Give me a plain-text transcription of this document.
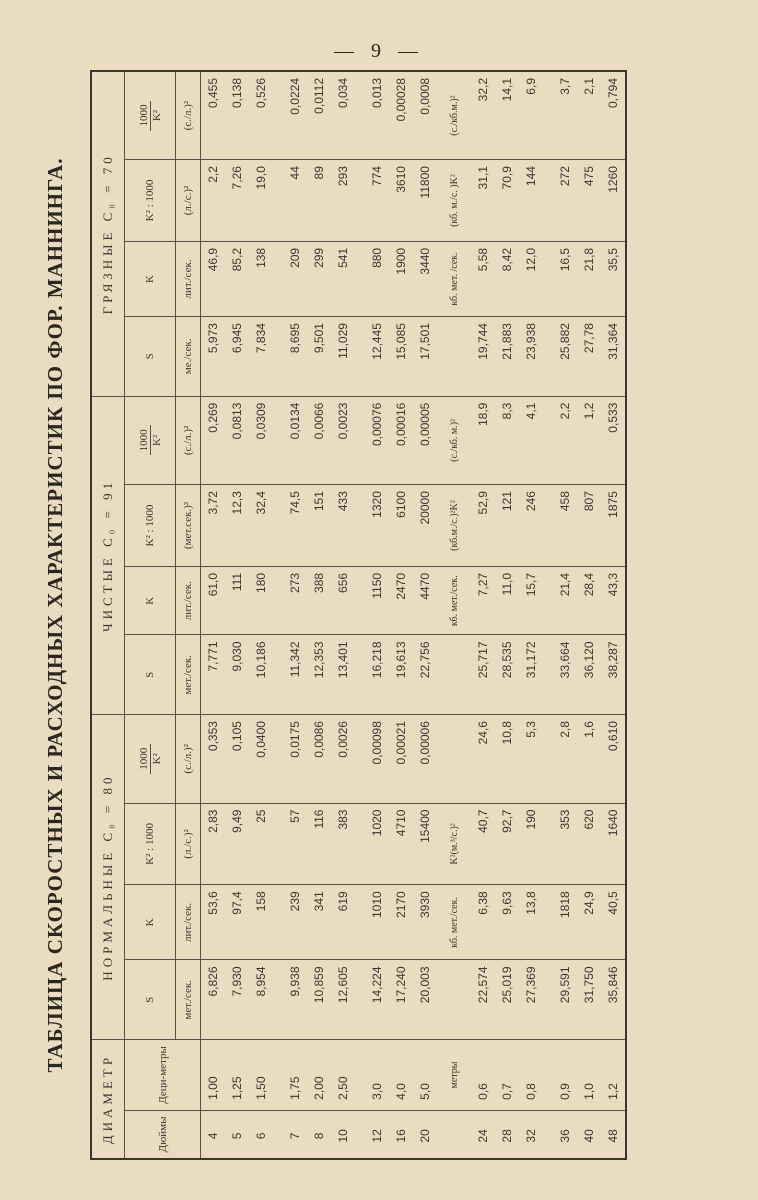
— 9 —
ТАБЛИЦА СКОРОСТНЫХ И РАСХОДНЫХ ХАРАКТЕРИСТИК ПО ФОР. МАННИНГА.
ДИАМЕТР		НОРМАЛЬНЫЕ C₀ = 80				ЧИСТЫЕ C₀ = 91				ГРЯЗНЫЕ C₀ = 70			
Дюймы	Деци-метры	S	K	K² : 1000	1000 K²	S	K	K² : 1000	1000 K²	S	K	K² : 1000	1000 K²

		мет./сек.	лит./сек.	(л./с.)²	(с./л.)²	мет./сек.	лит./сек.	(мет.сек.)²	(с./л.)²	ме./сек.	лит./сек.	(л./с.)²	(с./л.)²
4	1,00	6,826	53,6	2,83	0,353	7,771	61,0	3,72	0,269	5,973	46,9	2,2	0,455
5	1,25	7,930	97,4	9,49	0,105	9,030	111	12,3	0,0813	6,945	85,2	7,26	0,138
6	1,50	8,954	158	25	0,0400	10,186	180	32,4	0,0309	7,834	138	19,0	0,526

7	1,75	9,938	239	57	0,0175	11,342	273	74,5	0,0134	8,695	209	44	0,0224
8	2,00	10,859	341	116	0,0086	12,353	388	151	0,0066	9,501	299	89	0,0112
10	2,50	12,605	619	383	0,0026	13,401	656	433	0,0023	11,029	541	293	0,034

12	3,0	14,224	1010	1020	0,00098	16,218	1150	1320	0,00076	12,445	880	774	0,013
16	4,0	17,240	2170	4710	0,00021	19,613	2470	6100	0,00016	15,085	1900	3610	0,00028
20	5,0	20,003	3930	15400	0,00006	22,756	4470	20000	0,00005	17,501	3440	11800	0,0008
	метры		кб. мет./сек.	K²(м.³/с.)²			кб. мет./сек.	(кб.м./с.)²K²	(с./кб. м.)²		кб. мет. /сек.	(кб. м./с. )K²	(с./кб.м.)²
24	0,6	22,574	6,38	40,7	24,6	25,717	7,27	52,9	18,9	19,744	5,58	31,1	32,2
28	0,7	25,019	9,63	92,7	10,8	28,535	11,0	121	8,3	21,883	8,42	70,9	14,1
32	0,8	27,369	13,8	190	5,3	31,172	15,7	246	4,1	23,938	12,0	144	6,9

36	0,9	29,591	1818	353	2,8	33,664	21,4	458	2,2	25,882	16,5	272	3,7
40	1,0	31,750	24,9	620	1,6	36,120	28,4	807	1,2	27,78	21,8	475	2,1
48	1,2	35,846	40,5	1640	0,610	38,287	43,3	1875	0,533	31,364	35,5	1260	0,794
